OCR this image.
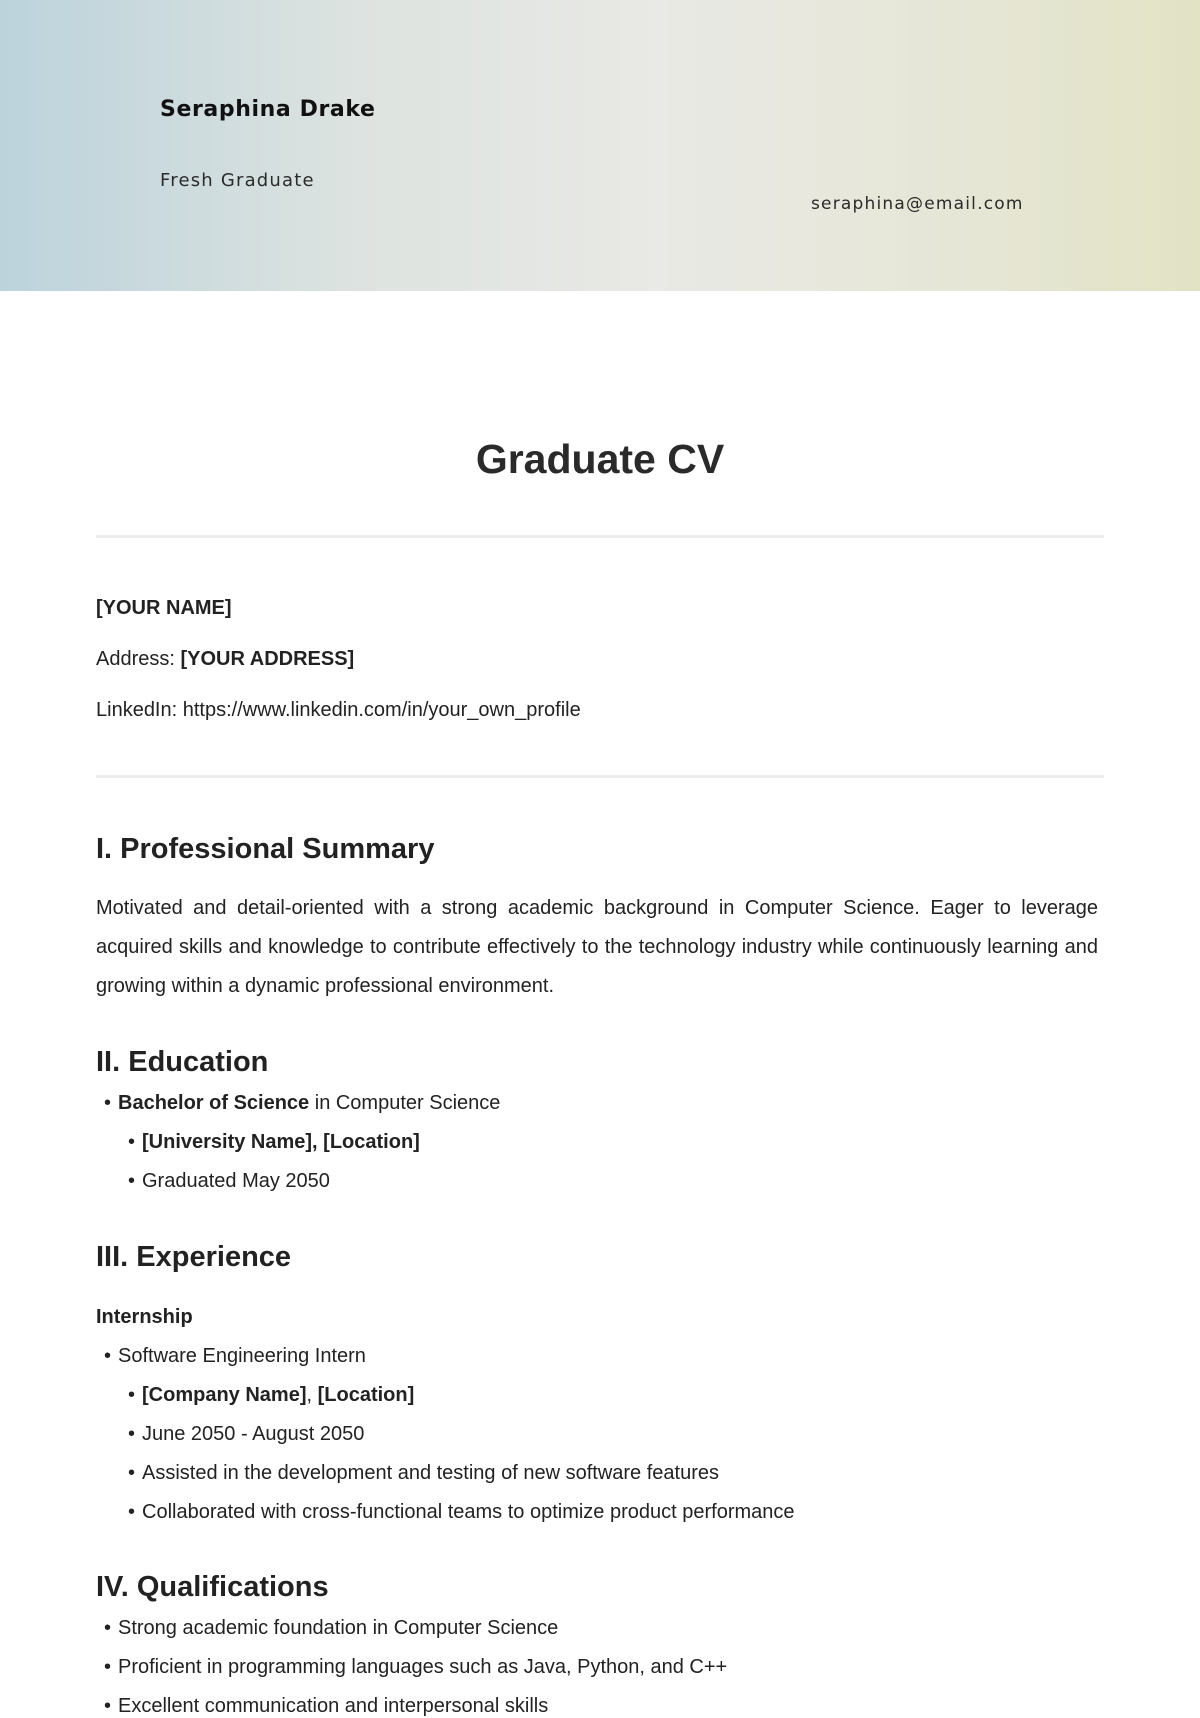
Seraphina Drake
Fresh Graduate
seraphina@email.com
Graduate CV
[YOUR NAME]
Address: [YOUR ADDRESS]
LinkedIn: https://www.linkedin.com/in/your_own_profile
I. Professional Summary
Motivated and detail-oriented with a strong academic background in Computer Science. Eager to leverage acquired skills and knowledge to contribute effectively to the technology industry while continuously learning and growing within a dynamic professional environment.
II. Education
• Bachelor of Science in Computer Science
• [University Name], [Location]
• Graduated May 2050
III. Experience
Internship
• Software Engineering Intern
• [Company Name], [Location]
• June 2050 - August 2050
• Assisted in the development and testing of new software features
• Collaborated with cross-functional teams to optimize product performance
IV. Qualifications
• Strong academic foundation in Computer Science
• Proficient in programming languages such as Java, Python, and C++
• Excellent communication and interpersonal skills
